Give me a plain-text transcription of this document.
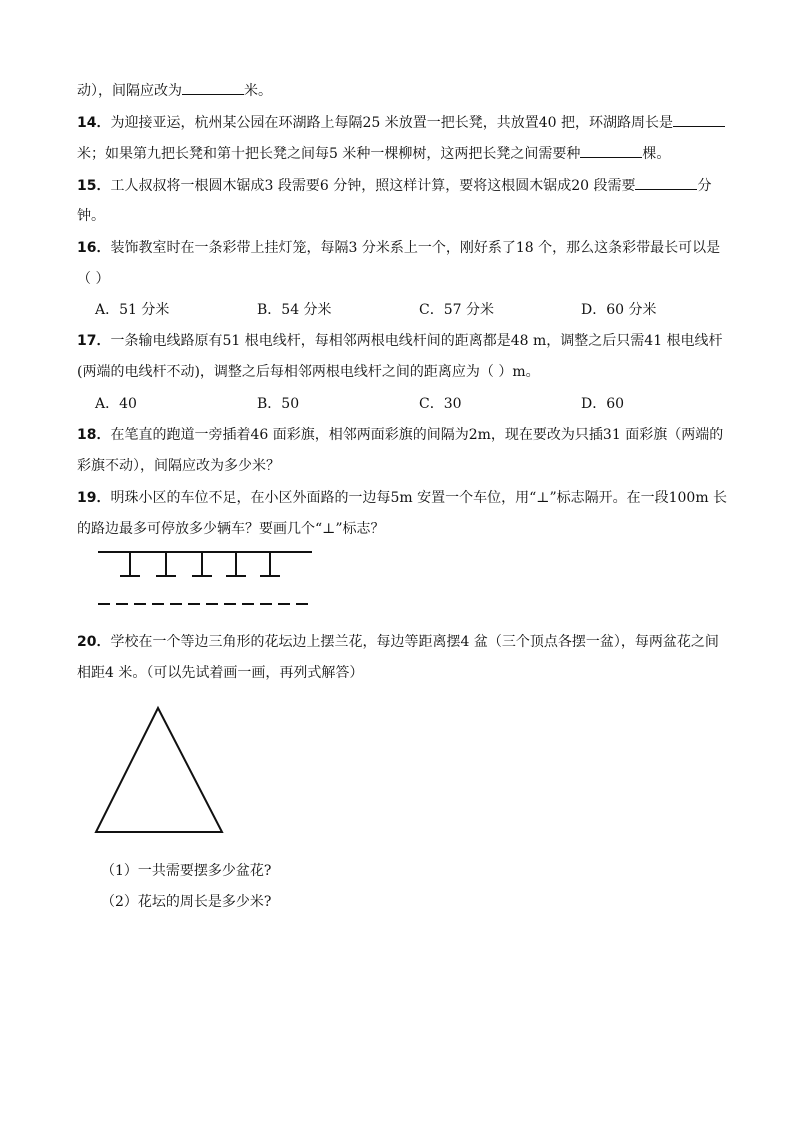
动），间隔应改为	米。
14．为迎接亚运，杭州某公园在环湖路上每隔25 米放置一把长凳，共放置40 把，环湖路周长是
米；如果第九把长凳和第十把长凳之间每5 米种一棵柳树，这两把长凳之间需要种	棵。
15．工人叔叔将一根圆木锯成3 段需要6 分钟，照这样计算，要将这根圆木锯成20 段需要	分
钟。
16．装饰教室时在一条彩带上挂灯笼，每隔3 分米系上一个，刚好系了18 个，那么这条彩带最长可以是
（ ）
A．51 分米	B．54 分米	C．57 分米	D．60 分米
17．一条输电线路原有51 根电线杆，每相邻两根电线杆间的距离都是48 m，调整之后只需41 根电线杆
(两端的电线杆不动)，调整之后每相邻两根电线杆之间的距离应为（ ）m。
A．40	B．50	C．30	D．60
18．在笔直的跑道一旁插着46 面彩旗，相邻两面彩旗的间隔为2m，现在要改为只插31 面彩旗（两端的
彩旗不动），间隔应改为多少米？
19．明珠小区的车位不足，在小区外面路的一边每5m 安置一个车位，用“⊥”标志隔开。在一段100m 长
的路边最多可停放多少辆车？要画几个“⊥”标志？
20．学校在一个等边三角形的花坛边上摆兰花，每边等距离摆4 盆（三个顶点各摆一盆），每两盆花之间
相距4 米。（可以先试着画一画，再列式解答）
（1）一共需要摆多少盆花?
（2）花坛的周长是多少米?
